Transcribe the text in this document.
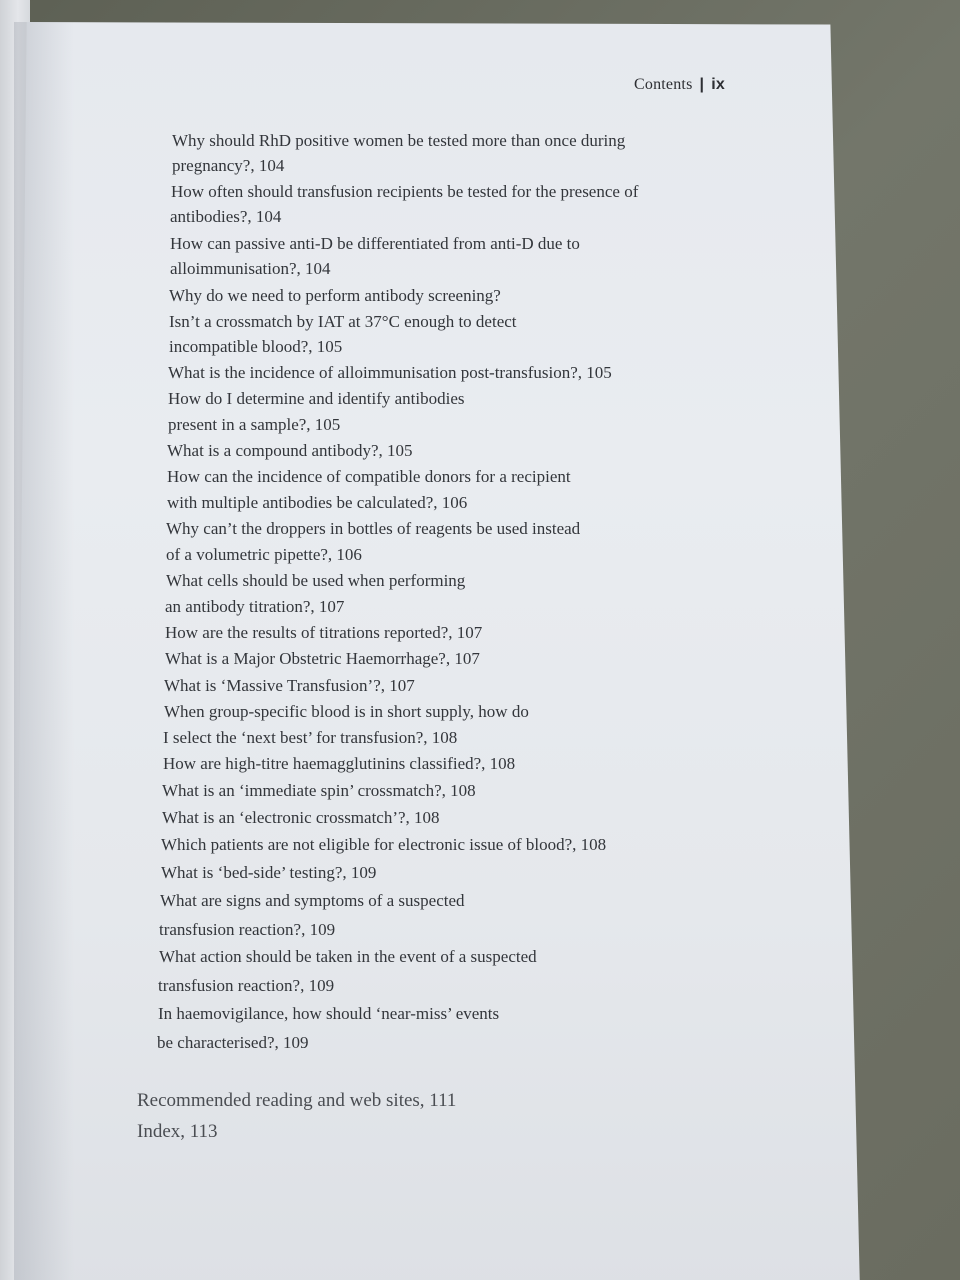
Contents | ix
Why should RhD positive women be tested more than once during
pregnancy?, 104
How often should transfusion recipients be tested for the presence of
antibodies?, 104
How can passive anti-D be differentiated from anti-D due to
alloimmunisation?, 104
Why do we need to perform antibody screening?
Isn’t a crossmatch by IAT at 37°C enough to detect
incompatible blood?, 105
What is the incidence of alloimmunisation post-transfusion?, 105
How do I determine and identify antibodies
present in a sample?, 105
What is a compound antibody?, 105
How can the incidence of compatible donors for a recipient
with multiple antibodies be calculated?, 106
Why can’t the droppers in bottles of reagents be used instead
of a volumetric pipette?, 106
What cells should be used when performing
an antibody titration?, 107
How are the results of titrations reported?, 107
What is a Major Obstetric Haemorrhage?, 107
What is ‘Massive Transfusion’?, 107
When group-specific blood is in short supply, how do
I select the ‘next best’ for transfusion?, 108
How are high-titre haemagglutinins classified?, 108
What is an ‘immediate spin’ crossmatch?, 108
What is an ‘electronic crossmatch’?, 108
Which patients are not eligible for electronic issue of blood?, 108
What is ‘bed-side’ testing?, 109
What are signs and symptoms of a suspected
transfusion reaction?, 109
What action should be taken in the event of a suspected
transfusion reaction?, 109
In haemovigilance, how should ‘near-miss’ events
be characterised?, 109
Recommended reading and web sites, 111
Index, 113
